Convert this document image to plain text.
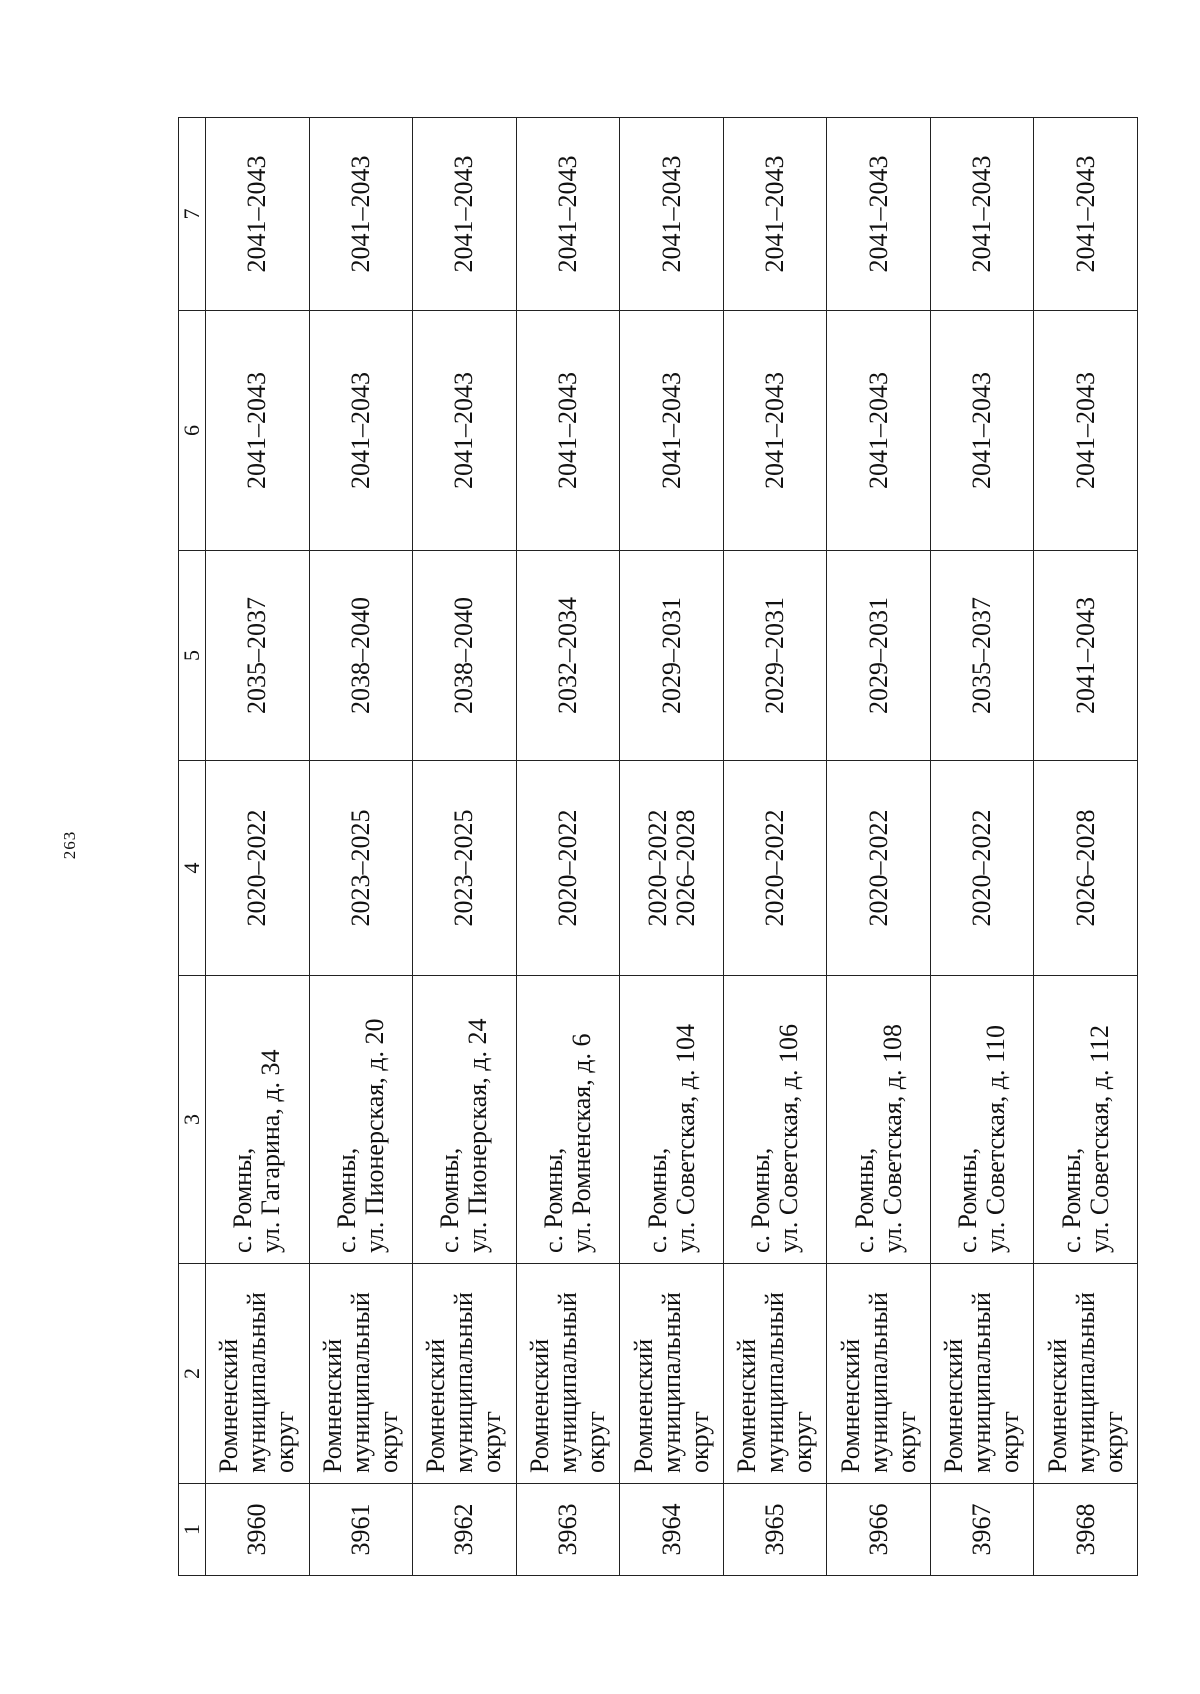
263
1	2	3	4	5	6	7
3960	Ромненский муниципальный округ	с. Ромны, ул. Гагарина, д. 34	2020–2022	2035–2037	2041–2043	2041–2043
3961	Ромненский муниципальный округ	с. Ромны, ул. Пионерская, д. 20	2023–2025	2038–2040	2041–2043	2041–2043
3962	Ромненский муниципальный округ	с. Ромны, ул. Пионерская, д. 24	2023–2025	2038–2040	2041–2043	2041–2043
3963	Ромненский муниципальный округ	с. Ромны, ул. Ромненская, д. 6	2020–2022	2032–2034	2041–2043	2041–2043
3964	Ромненский муниципальный округ	с. Ромны, ул. Советская, д. 104	2020–2022 2026–2028	2029–2031	2041–2043	2041–2043
3965	Ромненский муниципальный округ	с. Ромны, ул. Советская, д. 106	2020–2022	2029–2031	2041–2043	2041–2043
3966	Ромненский муниципальный округ	с. Ромны, ул. Советская, д. 108	2020–2022	2029–2031	2041–2043	2041–2043
3967	Ромненский муниципальный округ	с. Ромны, ул. Советская, д. 110	2020–2022	2035–2037	2041–2043	2041–2043
3968	Ромненский муниципальный округ	с. Ромны, ул. Советская, д. 112	2026–2028	2041–2043	2041–2043	2041–2043
